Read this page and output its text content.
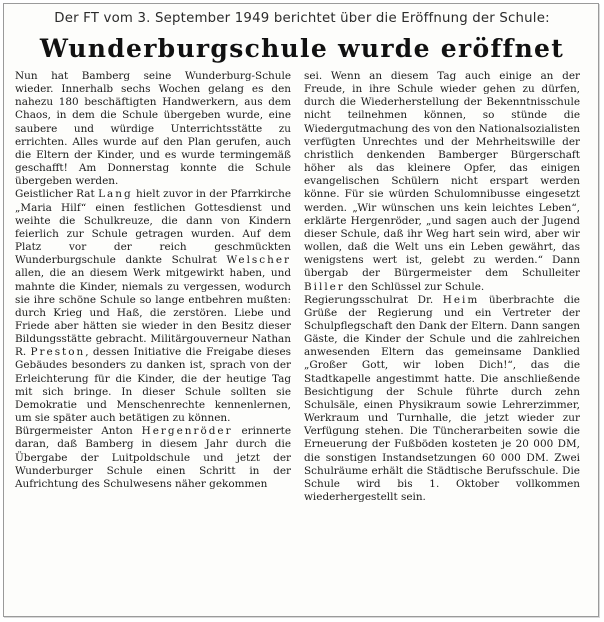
Der FT vom 3. September 1949 berichtet über die Eröffnung der Schule:
Wunderburgschule wurde eröffnet

Nun hat Bamberg seine Wunderburg-Schule wieder. Innerhalb sechs Wochen gelang es den nahezu 180 beschäftigten Handwerkern, aus dem Chaos, in dem die Schule übergeben wurde, eine saubere und würdige Unterrichtsstätte zu errichten. Alles wurde auf den Plan gerufen, auch die Eltern der Kinder, und es wurde termingemäß geschafft! Am Donnerstag konnte die Schule übergeben werden.

Geistlicher Rat Lang hielt zuvor in der Pfarrkirche „Maria Hilf“ einen festlichen Gottesdienst und weihte die Schulkreuze, die dann von Kindern feierlich zur Schule getragen wurden. Auf dem Platz vor der reich geschmückten Wunderburgschule dankte Schulrat Welscher allen, die an diesem Werk mitgewirkt haben, und mahnte die Kinder, niemals zu vergessen, wodurch sie ihre schöne Schule so lange entbehren mußten: durch Krieg und Haß, die zerstören. Liebe und Friede aber hätten sie wieder in den Besitz dieser Bildungsstätte gebracht. Militärgouverneur Nathan R. Preston, dessen Initiative die Freigabe dieses Gebäudes besonders zu danken ist, sprach von der Erleichterung für die Kinder, die der heutige Tag mit sich bringe. In dieser Schule sollten sie Demokratie und Menschenrechte kennenlernen, um sie später auch betätigen zu können.

Bürgermeister Anton Hergenröder erinnerte daran, daß Bamberg in diesem Jahr durch die Übergabe der Luitpoldschule und jetzt der Wunderburger Schule einen Schritt in der Aufrichtung des Schulwesens näher gekommen

sei. Wenn an diesem Tag auch einige an der Freude, in ihre Schule wieder gehen zu dürfen, durch die Wiederherstellung der Bekenntnisschule nicht teilnehmen können, so stünde die Wiedergutmachung des von den Nationalsozialisten verfügten Unrechtes und der Mehrheitswille der christlich denkenden Bamberger Bürgerschaft höher als das kleinere Opfer, das einigen evangelischen Schülern nicht erspart werden könne. Für sie würden Schulomnibusse eingesetzt werden. „Wir wünschen uns kein leichtes Leben“, erklärte Hergenröder, „und sagen auch der Jugend dieser Schule, daß ihr Weg hart sein wird, aber wir wollen, daß die Welt uns ein Leben gewährt, das wenigstens wert ist, gelebt zu werden.“ Dann übergab der Bürgermeister dem Schulleiter Biller den Schlüssel zur Schule.

Regierungsschulrat Dr. Heim überbrachte die Grüße der Regierung und ein Vertreter der Schulpflegschaft den Dank der Eltern. Dann sangen Gäste, die Kinder der Schule und die zahlreichen anwesenden Eltern das gemeinsame Danklied „Großer Gott, wir loben Dich!“, das die Stadtkapelle angestimmt hatte. Die anschließende Besichtigung der Schule führte durch zehn Schulsäle, einen Physikraum sowie Lehrerzimmer, Werkraum und Turnhalle, die jetzt wieder zur Verfügung stehen. Die Tüncherarbeiten sowie die Erneuerung der Fußböden kosteten je 20 000 DM, die sonstigen Instandsetzungen 60 000 DM. Zwei Schulräume erhält die Städtische Berufsschule. Die Schule wird bis 1. Oktober vollkommen wiederhergestellt sein.
